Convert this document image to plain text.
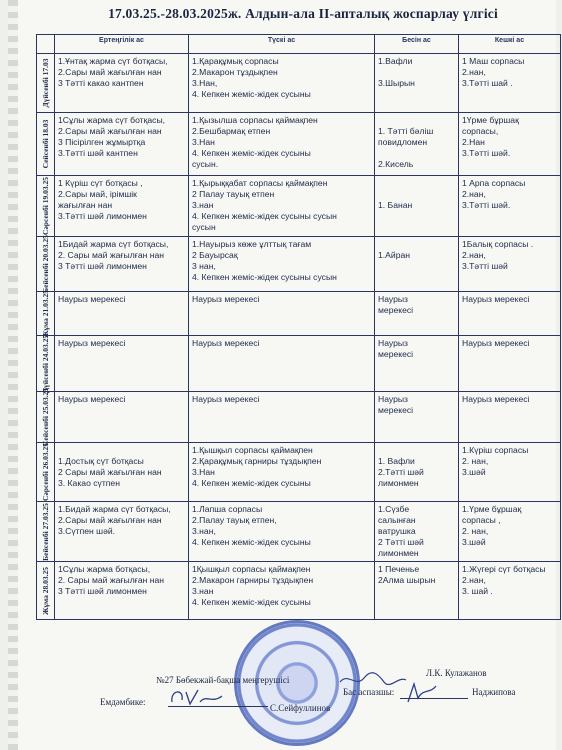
17.03.25.-28.03.2025ж. Алдын-ала ІІ-апталық жоспарлау үлгісі
	Ертеңгілік ас	Түскі ас	Бесін ас	Кешкі ас

Дүйсенбі 17.03	1.Ұнтақ жарма сүт ботқасы,
2.Сары май жағылған нан
3 Тәтті какао кантпен	1.Қарақұмық сорпасы
2.Макарон тұздықпен
3.Нан,
4. Кепкен жеміс-жідек сусыны	1.Вафли

3.Шырын	1 Маш сорпасы
2.нан,
3.Тәтті шай .

Сейсенбі 18.03	1Сұлы жарма сүт ботқасы,
2.Сары май жағылған нан
3 Пісірілген жұмыртқа
3.Тәтті шәй кантпен	1.Қызылша сорпасы қаймақпен
2.Бешбармақ етпен
3.Нан
4. Кепкен жеміс-жідек сусыны
сусын.	1. Тәтті бәліш
повидломен

2.Кисель	1Үрме бұршақ
сорпасы,
2.Нан
3.Тәтті шәй.

Сәрсенбі 19.03.25	1 Күріш сүт ботқасы ,
2.Сары май, ірімшік
жағылған нан
3.Тәтті шәй лимонмен	1.Қырыққабат сорпасы қаймақпен
2 Палау тауық етпен
3.нан
4. Кепкен жеміс-жідек сусыны сусын
сусын	1. Банан	1 Арпа сорпасы
2.нан,
3.Тәтті шәй.

Бейсенбі 20.03.25	1Бидай жарма сүт ботқасы,
2. Сары май жағылған нан
3 Тәтті шәй лимонмен	1.Науырыз көже ұлттық тағам
2 Бауырсақ
3 нан,
4. Кепкен жеміс-жідек сусыны сусын	1.Айран	1Балық сорпасы .
2.нан,
3.Тәтті шәй

Жұма 21.03.25	Наурыз мерекесі	Наурыз мерекесі	Наурыз
мерекесі	Наурыз мерекесі

Дүйсенбі 24.03.25	Наурыз мерекесі	Наурыз мерекесі	Наурыз
мерекесі	Наурыз мерекесі

Сейсенбі 25.03.25	Наурыз мерекесі	Наурыз мерекесі	Наурыз
мерекесі	Наурыз мерекесі

Сәрсенбі 26.03.25	1.Достық сүт ботқасы
2 Сары май жағылған нан
3. Какао сүтпен	1.Қышқыл сорпасы қаймақпен
2.Қарақұмық гарниры тұздықпен
3.Нан
4. Кепкен жеміс-жідек сусыны	1. Вафли
2.Тәтті шәй
лимонмен	1.Күріш сорпасы
2. нан,
3.шәй

Бейсенбі 27.03.25	1.Бидай жарма сүт ботқасы,
2.Сары май жағылған нан
3.Сүтпен шәй.	1.Лапша сорпасы
2.Палау тауық етпен,
3.нан,
4. Кепкен жеміс-жідек сусыны	1.Сүзбе
салынған
ватрушка
2 Тәтті шәй
лимонмен	1.Үрме бұршақ
сорпасы ,
2. нан,
3.шәй

Жұма 28.03.25	1Сұлы жарма ботқасы,
2. Сары май жағылған нан
3 Тәтті шәй лимонмен	1Қышқыл сорпасы қаймақпен
2.Макарон гарниры тұздықпен
3.нан
4. Кепкен жеміс-жідек сусыны	1 Печенье
2Алма шырын	1.Жүгері сүт ботқасы
2.нан,
3. шай .
№27 Бөбекжай-бақша меңгерушісі
Л.К. Кулажанов
С.Сейфуллинов
Емдәмбике:
Бас аспазшы:	Наджипова
